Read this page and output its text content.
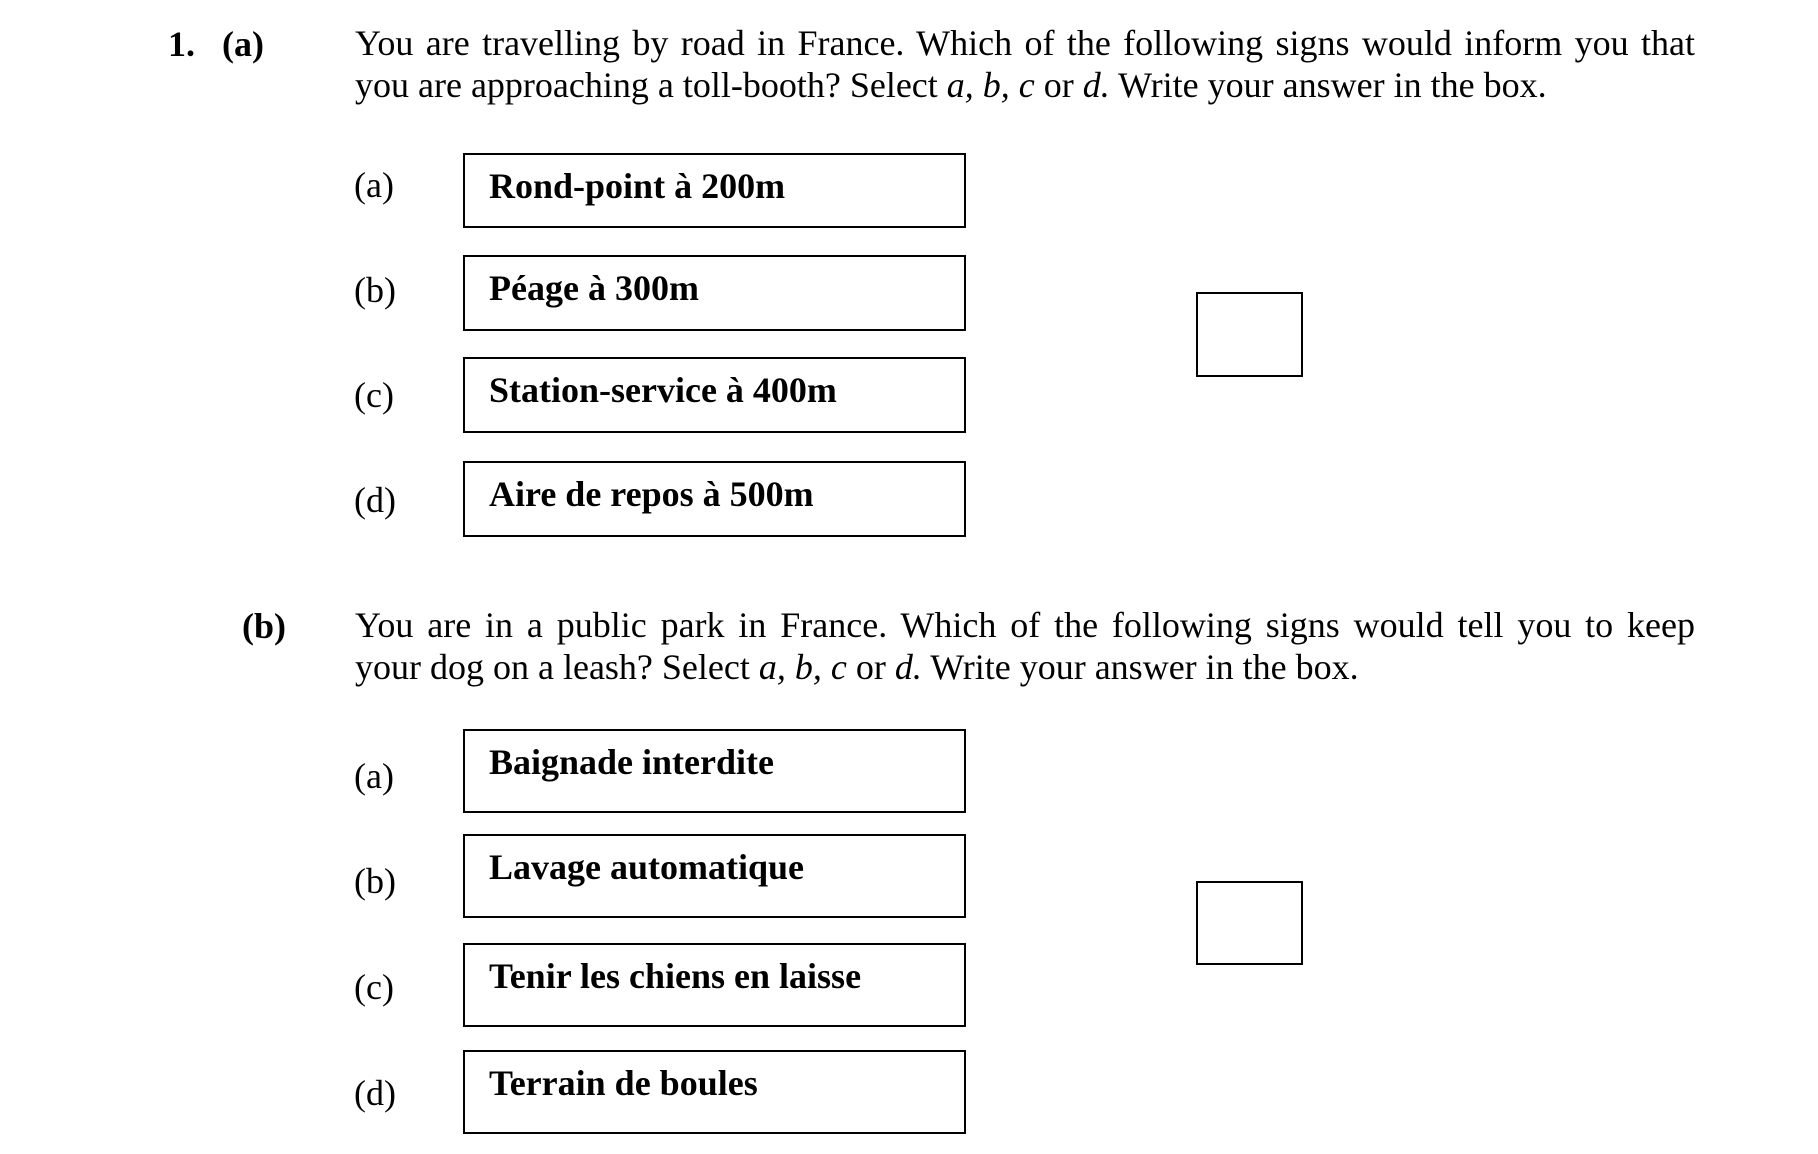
1. (a)	You are travelling by road in France. Which of the following signs would inform you that
you are approaching a toll-booth? Select a, b, c or d. Write your answer in the box.
(a)	Rond-point à 200m
(b)	Péage à 300m
(c)	Station-service à 400m
(d)	Aire de repos à 500m
(b) You are in a public park in France. Which of the following signs would tell you to keep
your dog on a leash? Select a, b, c or d. Write your answer in the box.
(a)	Baignade interdite
(b)	Lavage automatique
(c)	Tenir les chiens en laisse
(d)	Terrain de boules
